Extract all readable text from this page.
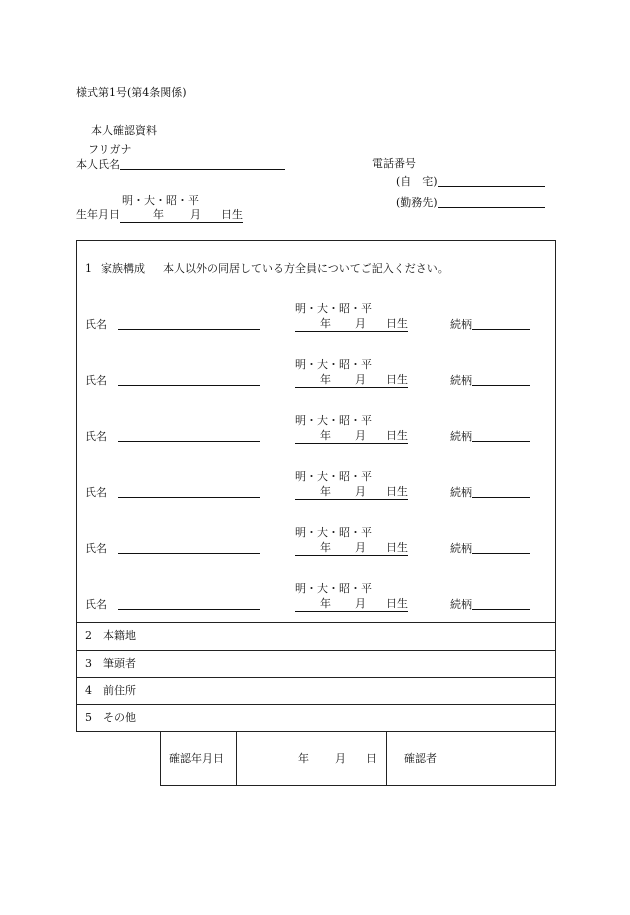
様式第1号(第4条関係)
本人確認資料
フリガナ
本人氏名
明・大・昭・平
生年月日	年 月 日生
電話番号
(自　宅)
(勤務先)
1 家族構成 本人以外の同居している方全員についてご記入ください。
明・大・昭・平
氏名	年 月 日生	続柄
明・大・昭・平
氏名	年 月 日生	続柄
明・大・昭・平
氏名	年 月 日生	続柄
明・大・昭・平
氏名	年 月 日生	続柄
明・大・昭・平
氏名	年 月 日生	続柄
明・大・昭・平
氏名	年 月 日生	続柄
2　本籍地
3　筆頭者
4　前住所
5　その他
確認年月日	年 月 日 確認者
